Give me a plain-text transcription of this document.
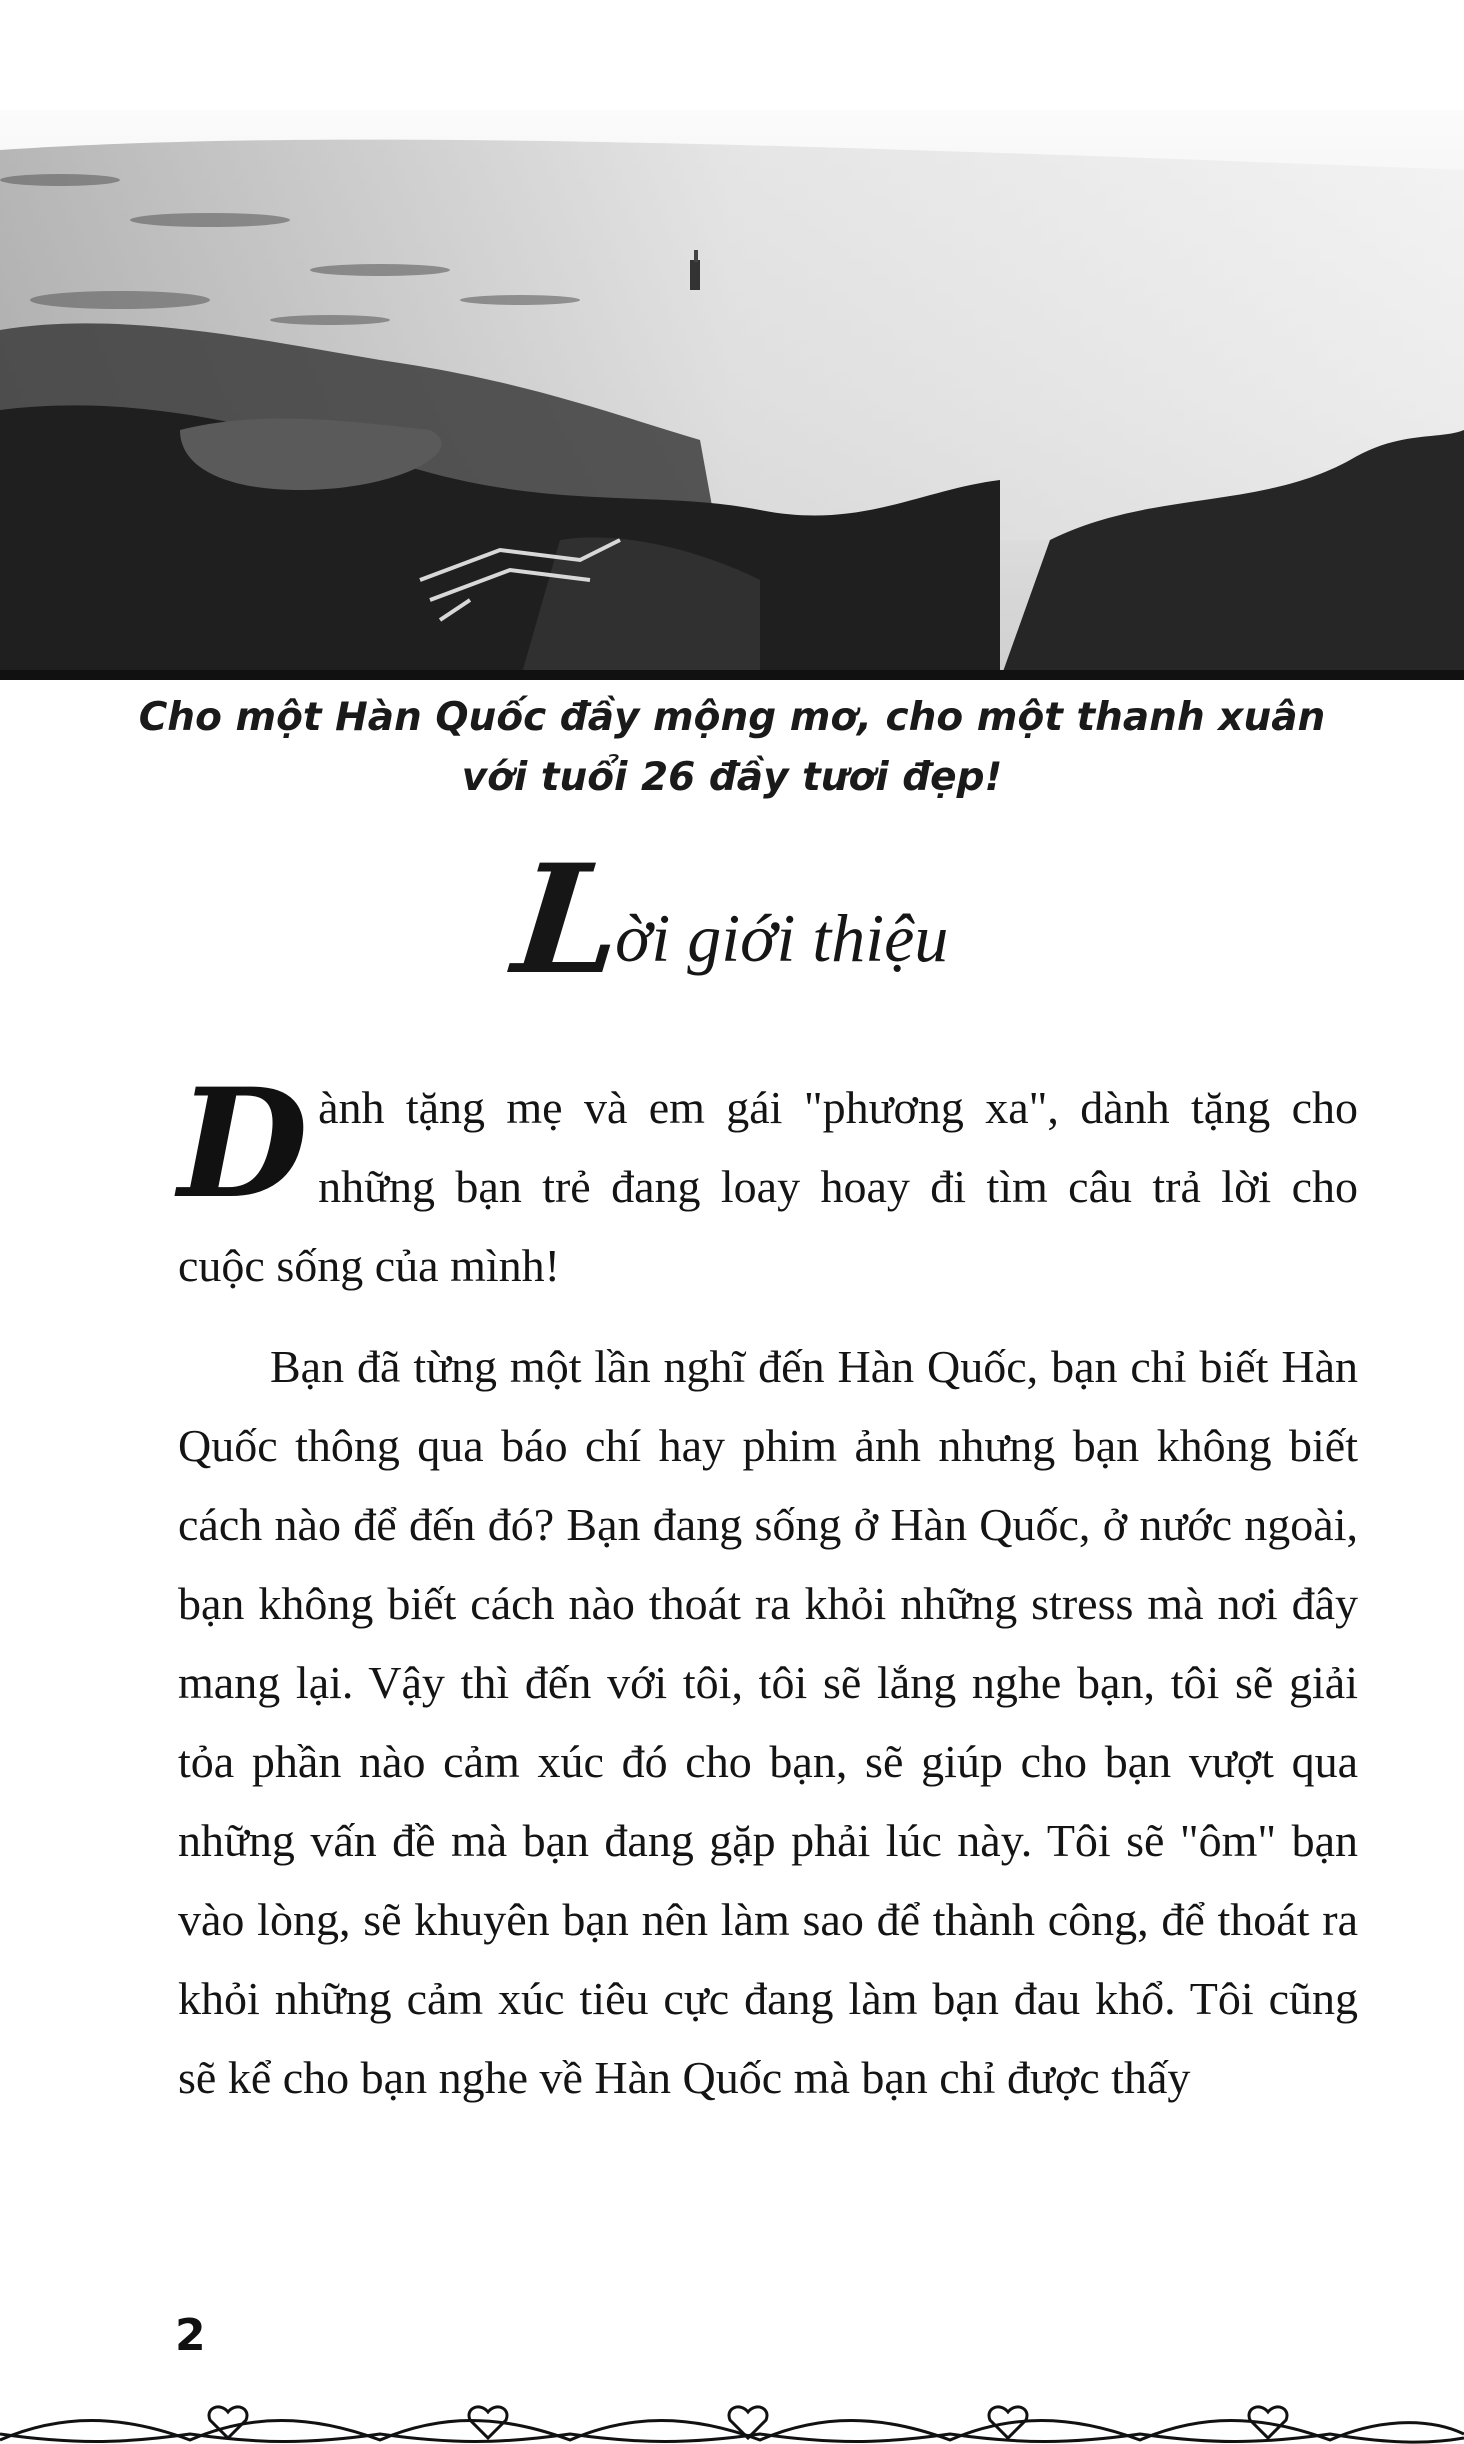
Cho một Hàn Quốc đầy mộng mơ, cho một thanh xuân
với tuổi 26 đầy tươi đẹp!
Lời giới thiệu

D ành tặng mẹ và em gái "phương xa", dành tặng cho những bạn trẻ đang loay hoay đi tìm câu trả lời cho cuộc sống của mình!

Bạn đã từng một lần nghĩ đến Hàn Quốc, bạn chỉ biết Hàn Quốc thông qua báo chí hay phim ảnh nhưng bạn không biết cách nào để đến đó? Bạn đang sống ở Hàn Quốc, ở nước ngoài, bạn không biết cách nào thoát ra khỏi những stress mà nơi đây mang lại. Vậy thì đến với tôi, tôi sẽ lắng nghe bạn, tôi sẽ giải tỏa phần nào cảm xúc đó cho bạn, sẽ giúp cho bạn vượt qua những vấn đề mà bạn đang gặp phải lúc này. Tôi sẽ "ôm" bạn vào lòng, sẽ khuyên bạn nên làm sao để thành công, để thoát ra khỏi những cảm xúc tiêu cực đang làm bạn đau khổ. Tôi cũng sẽ kể cho bạn nghe về Hàn Quốc mà bạn chỉ được thấy

2
